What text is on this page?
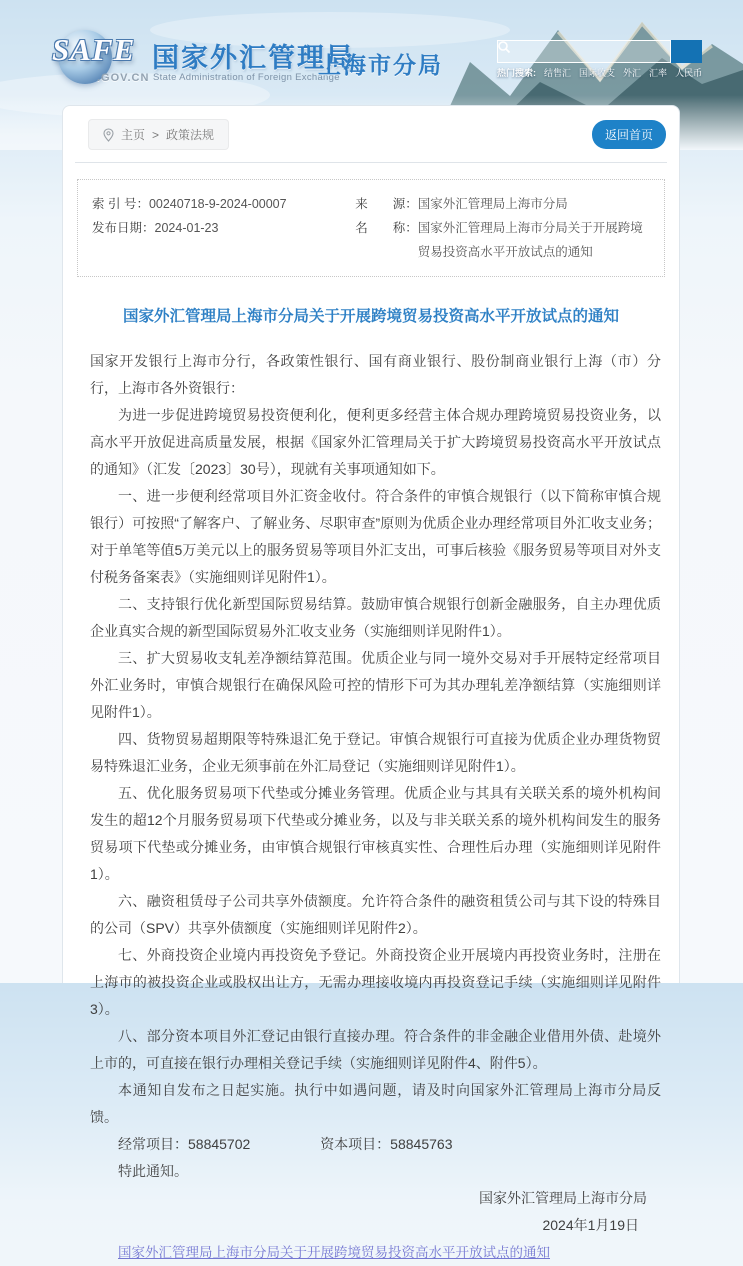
SAFE
.GOV.CN
国家外汇管理局
State Administration of Foreign Exchange
上海市分局	热门搜索: 结售汇 国际收支 外汇 汇率 人民币
主页 > 政策法规	返回首页
索 引 号： 00240718-9-2024-00007
发布日期： 2024-01-23
来　　源： 国家外汇管理局上海市分局
名　　称： 国家外汇管理局上海市分局关于开展跨境贸易投资高水平开放试点的通知
国家外汇管理局上海市分局关于开展跨境贸易投资高水平开放试点的通知

国家开发银行上海市分行，各政策性银行、国有商业银行、股份制商业银行上海（市）分行，上海市各外资银行：

为进一步促进跨境贸易投资便利化，便利更多经营主体合规办理跨境贸易投资业务，以高水平开放促进高质量发展，根据《国家外汇管理局关于扩大跨境贸易投资高水平开放试点的通知》（汇发〔2023〕30号），现就有关事项通知如下。

一、进一步便利经常项目外汇资金收付。符合条件的审慎合规银行（以下简称审慎合规银行）可按照“了解客户、了解业务、尽职审查”原则为优质企业办理经常项目外汇收支业务；对于单笔等值5万美元以上的服务贸易等项目外汇支出，可事后核验《服务贸易等项目对外支付税务备案表》（实施细则详见附件1）。

二、支持银行优化新型国际贸易结算。鼓励审慎合规银行创新金融服务，自主办理优质企业真实合规的新型国际贸易外汇收支业务（实施细则详见附件1）。

三、扩大贸易收支轧差净额结算范围。优质企业与同一境外交易对手开展特定经常项目外汇业务时，审慎合规银行在确保风险可控的情形下可为其办理轧差净额结算（实施细则详见附件1）。

四、货物贸易超期限等特殊退汇免于登记。审慎合规银行可直接为优质企业办理货物贸易特殊退汇业务，企业无须事前在外汇局登记（实施细则详见附件1）。

五、优化服务贸易项下代垫或分摊业务管理。优质企业与其具有关联关系的境外机构间发生的超12个月服务贸易项下代垫或分摊业务，以及与非关联关系的境外机构间发生的服务贸易项下代垫或分摊业务，由审慎合规银行审核真实性、合理性后办理（实施细则详见附件1）。

六、融资租赁母子公司共享外债额度。允许符合条件的融资租赁公司与其下设的特殊目的公司（SPV）共享外债额度（实施细则详见附件2）。

七、外商投资企业境内再投资免予登记。外商投资企业开展境内再投资业务时，注册在上海市的被投资企业或股权出让方，无需办理接收境内再投资登记手续（实施细则详见附件3）。

八、部分资本项目外汇登记由银行直接办理。符合条件的非金融企业借用外债、赴境外上市的，可直接在银行办理相关登记手续（实施细则详见附件4、附件5）。

本通知自发布之日起实施。执行中如遇问题，请及时向国家外汇管理局上海市分局反馈。

经常项目：58845702	资本项目：58845763

特此通知。

国家外汇管理局上海市分局

2024年1月19日

国家外汇管理局上海市分局关于开展跨境贸易投资高水平开放试点的通知
